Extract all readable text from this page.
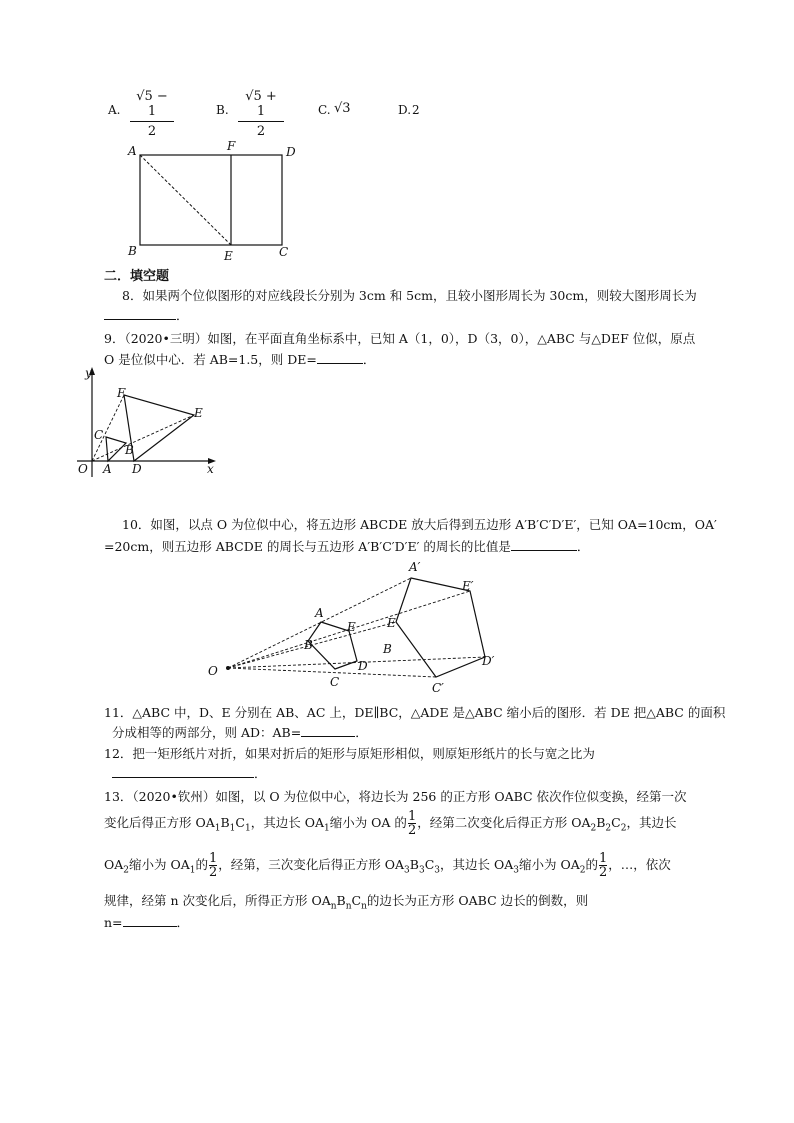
A.
√5 − 1
2
B.
√5 + 1
2
C. √3	D. 2
A	F	D
B	E	C
二．填空题
8．如果两个位似图形的对应线段长分别为 3cm 和 5cm，且较小图形周长为 30cm，则较大图形周长为
．
9．（2020•三明）如图，在平面直角坐标系中，已知 A（1，0），D（3，0），△ABC 与△DEF 位似，原点
O 是位似中心．若 AB=1.5，则 DE=	．
y
F
E
C
B
O A D	x
10．如图，以点 O 为位似中心，将五边形 ABCDE 放大后得到五边形 A′B′C′D′E′，已知 OA=10cm，OA′
=20cm，则五边形 ABCDE 的周长与五边形 A′B′C′D′E′ 的周长的比值是	．
A′
E′
A
E	E
B	B
D′
D
O
C	C′
11．△ABC 中，D、E 分别在 AB、AC 上，DE∥BC，△ADE 是△ABC 缩小后的图形．若 DE 把△ABC 的面积
分成相等的两部分，则 AD：AB=	．
12．把一矩形纸片对折，如果对折后的矩形与原矩形相似，则原矩形纸片的长与宽之比为
．
13．（2020•钦州）如图，以 O 为位似中心，将边长为 256 的正方形 OABC 依次作位似变换，经第一次
变化后得正方形 $OA_1B_1C_1$，其边长 $OA_1$缩小为 OA 的 $\frac{1}{2}$ ，经第二次变化后得正方形 $OA_2B_2C_2$，其边长
$OA_2$缩小为 $OA_1$的 $\frac{1}{2}$ ，经第，三次变化后得正方形 $OA_3B_3C_3$，其边长 $OA_3$缩小为 $OA_2$的 $\frac{1}{2}$ ，…，依次
规律，经第 n 次变化后，所得正方形 $OA_nB_nC_n$的边长为正方形 OABC 边长的倒数，则
n=	．
